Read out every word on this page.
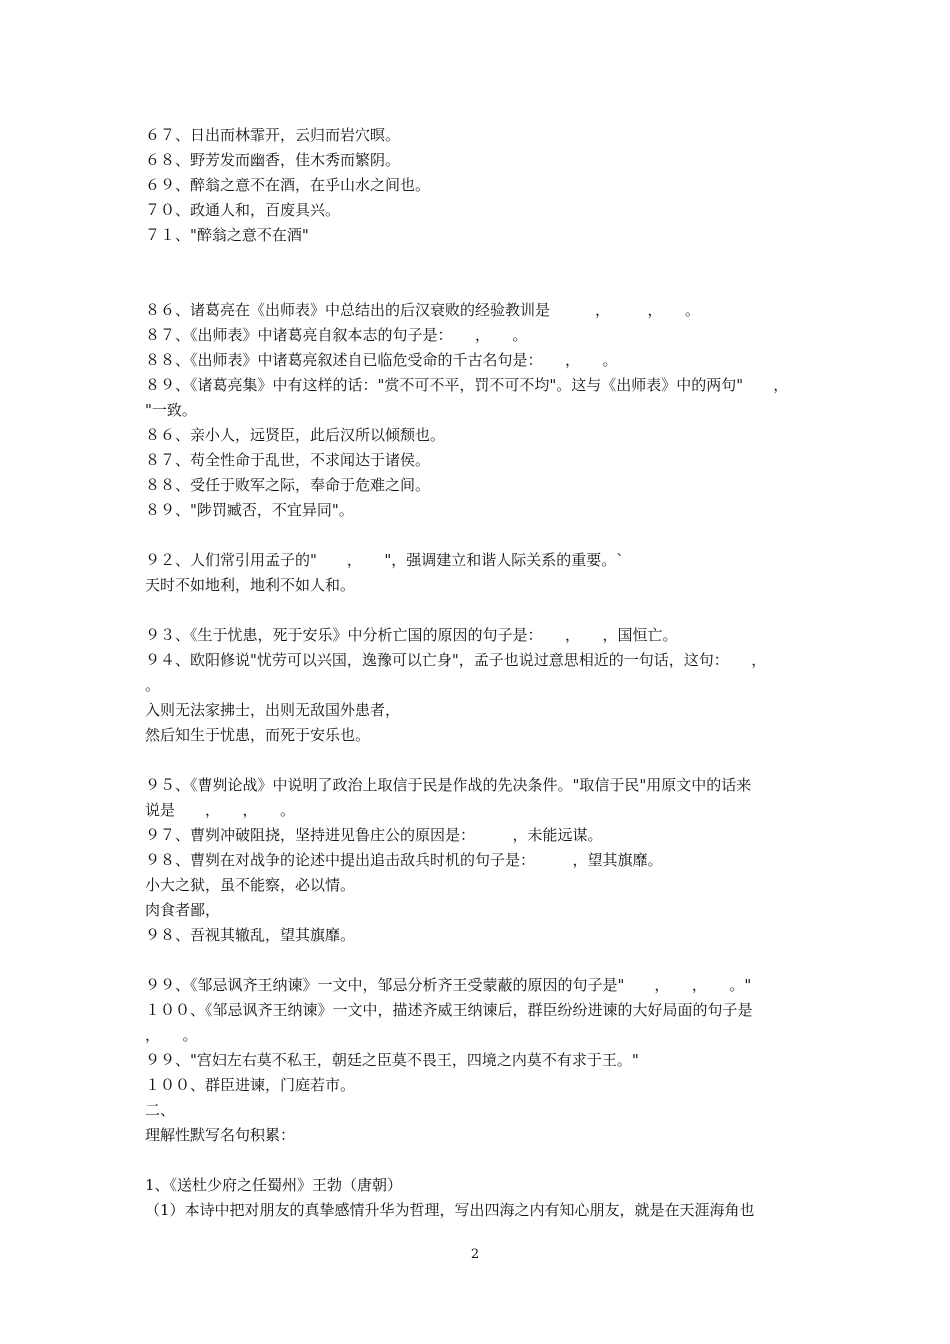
６７、日出而林霏开，云归而岩穴暝。
６８、野芳发而幽香，佳木秀而繁阴。
６９、醉翁之意不在酒，在乎山水之间也。
７０、政通人和，百废具兴。
７１、"醉翁之意不在酒"
８６、诸葛亮在《出师表》中总结出的后汉衰败的经验教训是　　　，　　　，　　。
８７、《出师表》中诸葛亮自叙本志的句子是：　　，　　。
８８、《出师表》中诸葛亮叙述自已临危受命的千古名句是：　　，　　。
８９、《诸葛亮集》中有这样的话："赏不可不平，罚不可不均"。这与《出师表》中的两句"　　，
"一致。
８６、亲小人，远贤臣，此后汉所以倾颓也。
８７、苟全性命于乱世，不求闻达于诸侯。
８８、受任于败军之际，奉命于危难之间。
８９、"陟罚臧否，不宜异同"。
９２、人们常引用孟子的"　　，　　"，强调建立和谐人际关系的重要。`
天时不如地利，地利不如人和。
９３、《生于忧患，死于安乐》中分析亡国的原因的句子是：　　，　　，国恒亡。
９４、欧阳修说"忧劳可以兴国，逸豫可以亡身"，孟子也说过意思相近的一句话，这句：　　，
。
入则无法家拂士，出则无敌国外患者，
然后知生于忧患，而死于安乐也。
９５、《曹刿论战》中说明了政治上取信于民是作战的先决条件。"取信于民"用原文中的话来
说是　　，　　，　　。
９７、曹刿冲破阻挠，坚持进见鲁庄公的原因是：　　　，未能远谋。
９８、曹刿在对战争的论述中提出追击敌兵时机的句子是：　　　，望其旗靡。
小大之狱，虽不能察，必以情。
肉食者鄙，
９８、吾视其辙乱，望其旗靡。
９９、《邹忌讽齐王纳谏》一文中，邹忌分析齐王受蒙蔽的原因的句子是"　　，　　，　　。"
１００、《邹忌讽齐王纳谏》一文中，描述齐威王纳谏后，群臣纷纷进谏的大好局面的句子是
，　　。
９９、"宫妇左右莫不私王，朝廷之臣莫不畏王，四境之内莫不有求于王。"
１００、群臣进谏，门庭若市。
二、
理解性默写名句积累：
1、《送杜少府之任蜀州》王勃（唐朝）
（1）本诗中把对朋友的真挚感情升华为哲理，写出四海之内有知心朋友，就是在天涯海角也
2
